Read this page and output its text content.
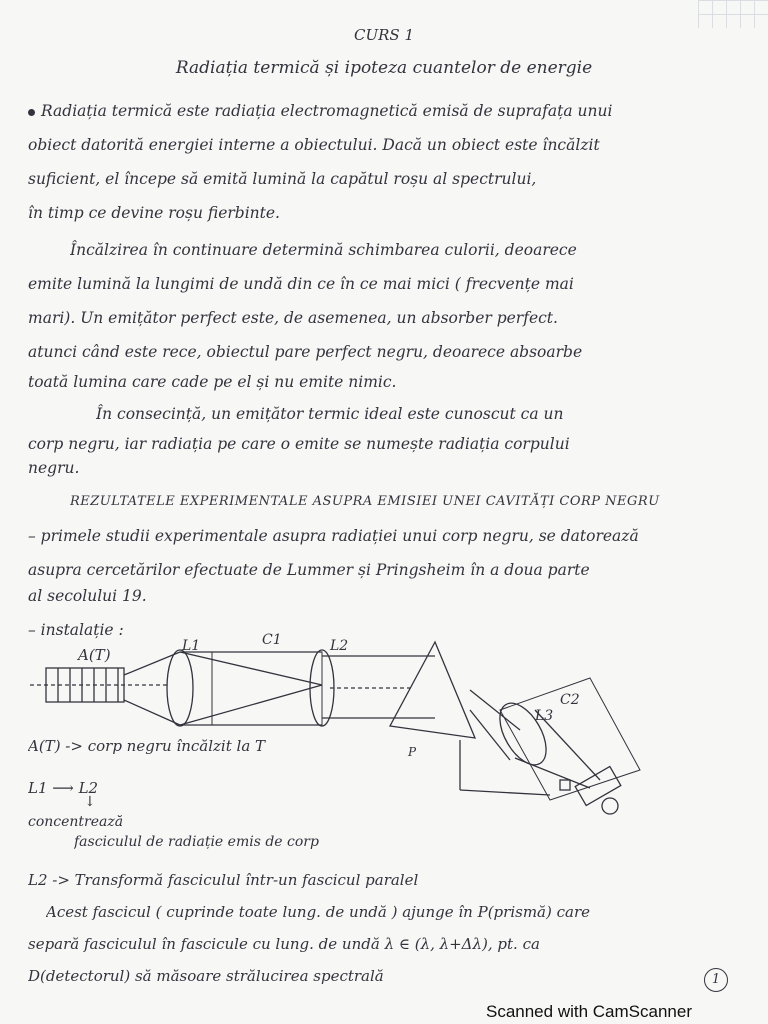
CURS 1
Radiația termică și ipoteza cuantelor de energie
Radiația termică este radiația electromagnetică emisă de suprafața unui
obiect datorită energiei interne a obiectului. Dacă un obiect este încălzit
suficient, el începe să emită lumină la capătul roșu al spectrului,
în timp ce devine roșu fierbinte.
Încălzirea în continuare determină schimbarea culorii, deoarece
emite lumină la lungimi de undă din ce în ce mai mici ( frecvențe mai
mari). Un emițător perfect este, de asemenea, un absorber perfect.
atunci când este rece, obiectul pare perfect negru, deoarece absoarbe
toată lumina care cade pe el și nu emite nimic.
În consecință, un emițător termic ideal este cunoscut ca un
corp negru, iar radiația pe care o emite se numește radiația corpului
negru.
REZULTATELE EXPERIMENTALE ASUPRA EMISIEI UNEI CAVITĂȚI CORP NEGRU
– primele studii experimentale asupra radiației unui corp negru, se datorează
asupra cercetărilor efectuate de Lummer și Pringsheim în a doua parte
al secolului 19.
– instalație :
A(T)	L1	C1	L2
L3
C2
P
A(T) -> corp negru încălzit la T
L1 ⟶ L2
↓
concentrează
fasciculul de radiație emis de corp
L2 -> Transformă fasciculul într-un fascicul paralel
Acest fascicul ( cuprinde toate lung. de undă ) ajunge în P(prismă) care
separă fasciculul în fascicule cu lung. de undă λ ∈ (λ, λ+Δλ), pt. ca
D(detectorul) să măsoare strălucirea spectrală	1
Scanned with CamScanner
